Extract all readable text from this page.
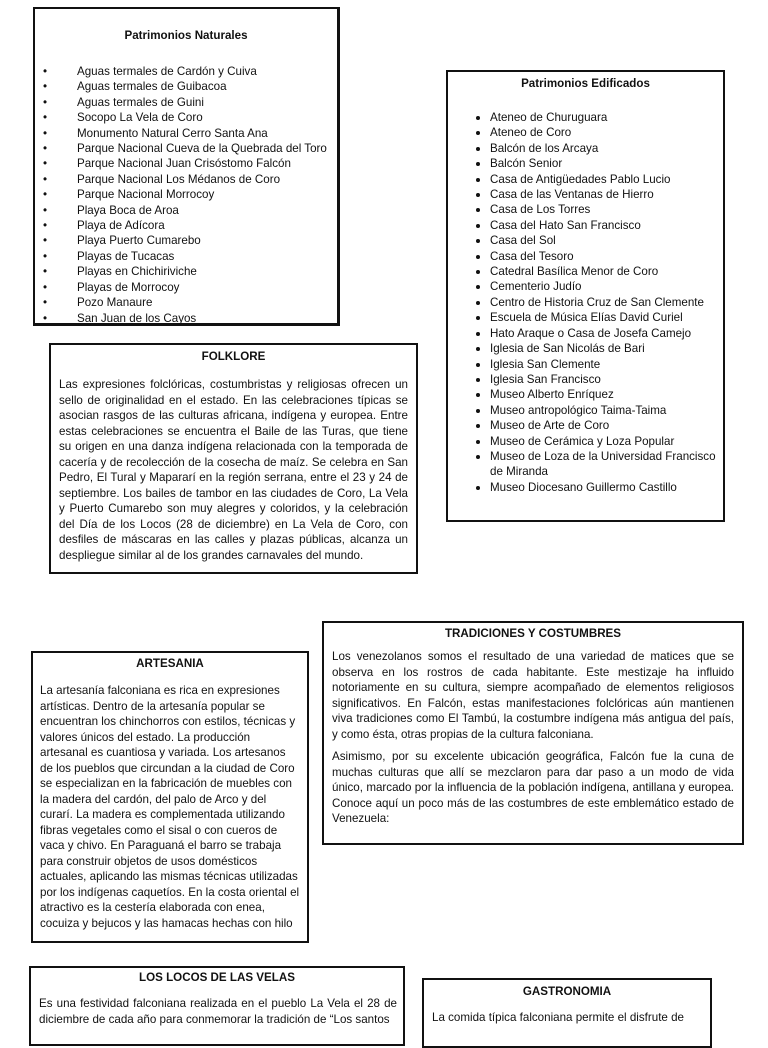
Patrimonios Naturales
•	Aguas termales de Cardón y Cuiva
•	Aguas termales de Guibacoa
•	Aguas termales de Guini
•	Socopo La Vela de Coro
•	Monumento Natural Cerro Santa Ana
•	Parque Nacional Cueva de la Quebrada del Toro
•	Parque Nacional Juan Crisóstomo Falcón
•	Parque Nacional Los Médanos de Coro
•	Parque Nacional Morrocoy
•	Playa Boca de Aroa
•	Playa de Adícora
•	Playa Puerto Cumarebo
•	Playas de Tucacas
•	Playas en Chichiriviche
•	Playas de Morrocoy
•	Pozo Manaure
•	San Juan de los Cayos
Patrimonios Edificados
Ateneo de Churuguara
Ateneo de Coro
Balcón de los Arcaya
Balcón Senior
Casa de Antigüedades Pablo Lucio
Casa de las Ventanas de Hierro
Casa de Los Torres
Casa del Hato San Francisco
Casa del Sol
Casa del Tesoro
Catedral Basílica Menor de Coro
Cementerio Judío
Centro de Historia Cruz de San Clemente
Escuela de Música Elías David Curiel
Hato Araque o Casa de Josefa Camejo
Iglesia de San Nicolás de Bari
Iglesia San Clemente
Iglesia San Francisco
Museo Alberto Enríquez
Museo antropológico Taima-Taima
Museo de Arte de Coro
Museo de Cerámica y Loza Popular
Museo de Loza de la Universidad Francisco de Miranda
Museo Diocesano Guillermo Castillo
FOLKLORE

Las expresiones folclóricas, costumbristas y religiosas ofrecen un sello de originalidad en el estado. En las celebraciones típicas se asocian rasgos de las culturas africana, indígena y europea. Entre estas celebraciones se encuentra el Baile de las Turas, que tiene su origen en una danza indígena relacionada con la temporada de cacería y de recolección de la cosecha de maíz. Se celebra en San Pedro, El Tural y Mapararí en la región serrana, entre el 23 y 24 de septiembre. Los bailes de tambor en las ciudades de Coro, La Vela y Puerto Cumarebo son muy alegres y coloridos, y la celebración del Día de los Locos (28 de diciembre) en La Vela de Coro, con desfiles de máscaras en las calles y plazas públicas, alcanza un despliegue similar al de los grandes carnavales del mundo.

TRADICIONES Y COSTUMBRES

Los venezolanos somos el resultado de una variedad de matices que se observa en los rostros de cada habitante. Este mestizaje ha influido notoriamente en su cultura, siempre acompañado de elementos religiosos significativos. En Falcón, estas manifestaciones folclóricas aún mantienen viva tradiciones como El Tambú, la costumbre indígena más antigua del país, y como ésta, otras propias de la cultura falconiana.

Asimismo, por su excelente ubicación geográfica, Falcón fue la cuna de muchas culturas que allí se mezclaron para dar paso a un modo de vida único, marcado por la influencia de la población indígena, antillana y europea. Conoce aquí un poco más de las costumbres de este emblemático estado de Venezuela:

ARTESANIA

La artesanía falconiana es rica en expresiones artísticas. Dentro de la artesanía popular se encuentran los chinchorros con estilos, técnicas y valores únicos del estado. La producción artesanal es cuantiosa y variada. Los artesanos de los pueblos que circundan a la ciudad de Coro se especializan en la fabricación de muebles con la madera del cardón, del palo de Arco y del curarí. La madera es complementada utilizando fibras vegetales como el sisal o con cueros de vaca y chivo. En Paraguaná el barro se trabaja para construir objetos de usos domésticos actuales, aplicando las mismas técnicas utilizadas por los indígenas caquetíos. En la costa oriental el atractivo es la cestería elaborada con enea, cocuiza y bejucos y las hamacas hechas con hilo

LOS LOCOS DE LAS VELAS

Es una festividad falconiana realizada en el pueblo La Vela el 28 de diciembre de cada año para conmemorar la tradición de “Los santos

GASTRONOMIA

La comida típica falconiana permite el disfrute de
